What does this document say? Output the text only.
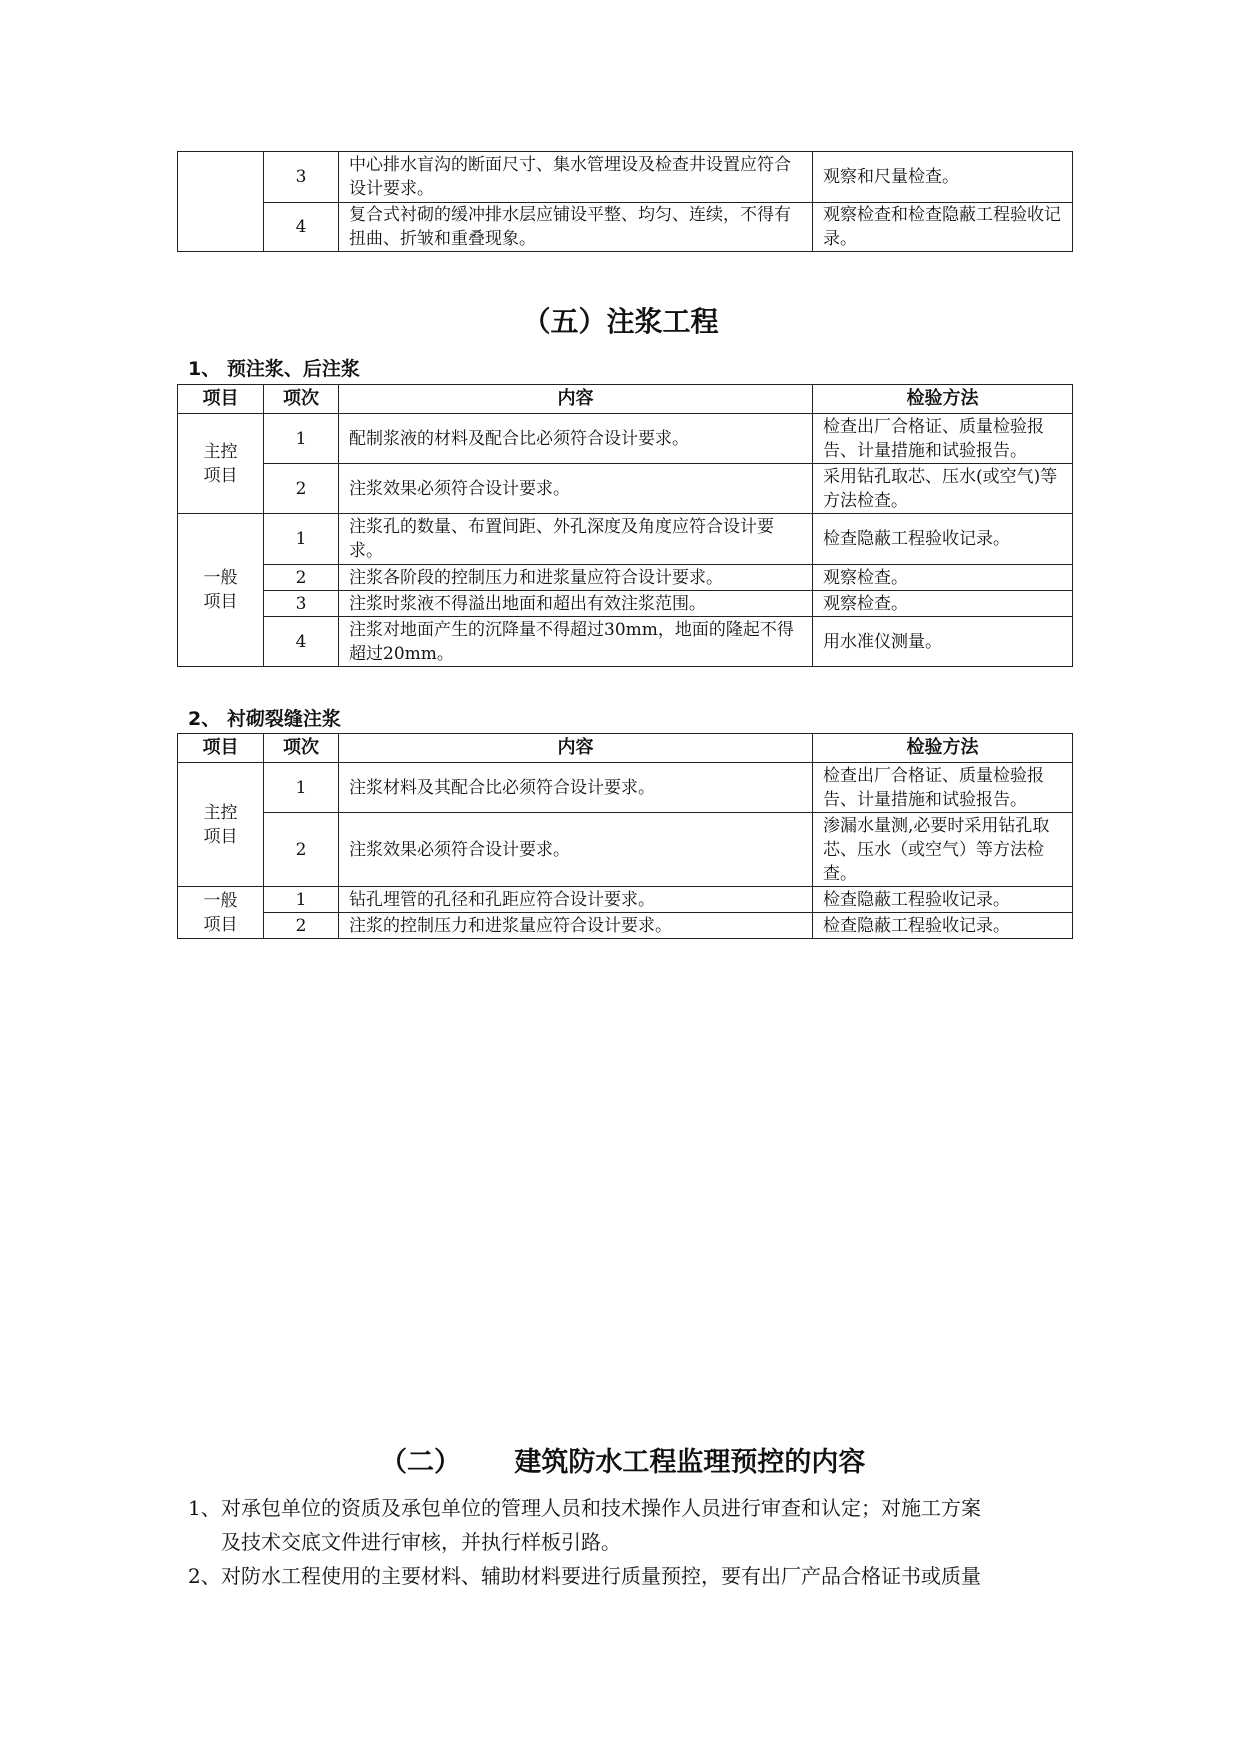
	3	中心排水盲沟的断面尺寸、集水管埋设及检查井设置应符合设计要求。	观察和尺量检查。
	4	复合式衬砌的缓冲排水层应铺设平整、均匀、连续，不得有扭曲、折皱和重叠现象。	观察检查和检查隐蔽工程验收记录。
（五）注浆工程
1、 预注浆、后注浆
项目	项次	内容	检验方法

主控项目	1	配制浆液的材料及配合比必须符合设计要求。	检查出厂合格证、质量检验报告、计量措施和试验报告。
	2	注浆效果必须符合设计要求。	采用钻孔取芯、压水(或空气)等方法检查。

一般项目	1	注浆孔的数量、布置间距、外孔深度及角度应符合设计要求。	检查隐蔽工程验收记录。
	2	注浆各阶段的控制压力和进浆量应符合设计要求。	观察检查。
	3	注浆时浆液不得溢出地面和超出有效注浆范围。	观察检查。
	4	注浆对地面产生的沉降量不得超过30mm，地面的隆起不得超过20mm。	用水准仪测量。
2、 衬砌裂缝注浆
项目	项次	内容	检验方法

主控项目	1	注浆材料及其配合比必须符合设计要求。	检查出厂合格证、质量检验报告、计量措施和试验报告。
	2	注浆效果必须符合设计要求。	渗漏水量测,必要时采用钻孔取芯、压水（或空气）等方法检查。

一般项目	1	钻孔埋管的孔径和孔距应符合设计要求。	检查隐蔽工程验收记录。
	2	注浆的控制压力和进浆量应符合设计要求。	检查隐蔽工程验收记录。
（二） 建筑防水工程监理预控的内容
1、对承包单位的资质及承包单位的管理人员和技术操作人员进行审查和认定；对施工方案
及技术交底文件进行审核，并执行样板引路。
2、对防水工程使用的主要材料、辅助材料要进行质量预控，要有出厂产品合格证书或质量
